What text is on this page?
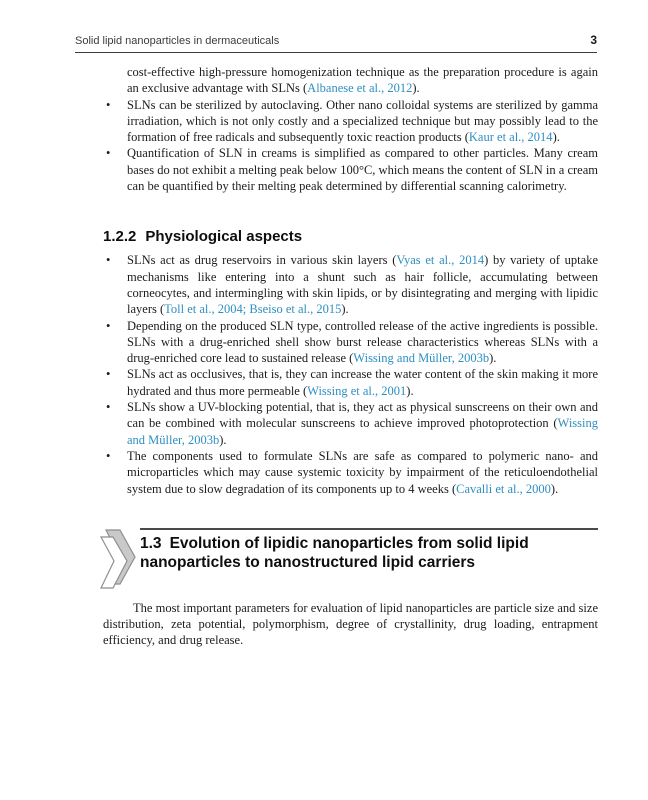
Solid lipid nanoparticles in dermaceuticals	3

cost-effective high-pressure homogenization technique as the preparation procedure is again an exclusive advantage with SLNs (Albanese et al., 2012).

• SLNs can be sterilized by autoclaving. Other nano colloidal systems are sterilized by gamma irradiation, which is not only costly and a specialized technique but may possibly lead to the formation of free radicals and subsequently toxic reaction products (Kaur et al., 2014).
• Quantification of SLN in creams is simplified as compared to other particles. Many cream bases do not exhibit a melting peak below 100°C, which means the content of SLN in a cream can be quantified by their melting peak determined by differential scanning calorimetry.
1.2.2 Physiological aspects
• SLNs act as drug reservoirs in various skin layers (Vyas et al., 2014) by variety of uptake mechanisms like entering into a shunt such as hair follicle, accumulating between corneocytes, and intermingling with skin lipids, or by disintegrating and merging with lipidic layers (Toll et al., 2004; Bseiso et al., 2015).
• Depending on the produced SLN type, controlled release of the active ingredients is possible. SLNs with a drug-enriched shell show burst release characteristics whereas SLNs with a drug-enriched core lead to sustained release (Wissing and Müller, 2003b).
• SLNs act as occlusives, that is, they can increase the water content of the skin making it more hydrated and thus more permeable (Wissing et al., 2001).
• SLNs show a UV-blocking potential, that is, they act as physical sunscreens on their own and can be combined with molecular sunscreens to achieve improved photoprotection (Wissing and Müller, 2003b).
• The components used to formulate SLNs are safe as compared to polymeric nano- and microparticles which may cause systemic toxicity by impairment of the reticuloendothelial system due to slow degradation of its components up to 4 weeks (Cavalli et al., 2000).
1.3 Evolution of lipidic nanoparticles from solid lipid
nanoparticles to nanostructured lipid carriers

The most important parameters for evaluation of lipid nanoparticles are particle size and size distribution, zeta potential, polymorphism, degree of crystallinity, drug loading, entrapment efficiency, and drug release.
